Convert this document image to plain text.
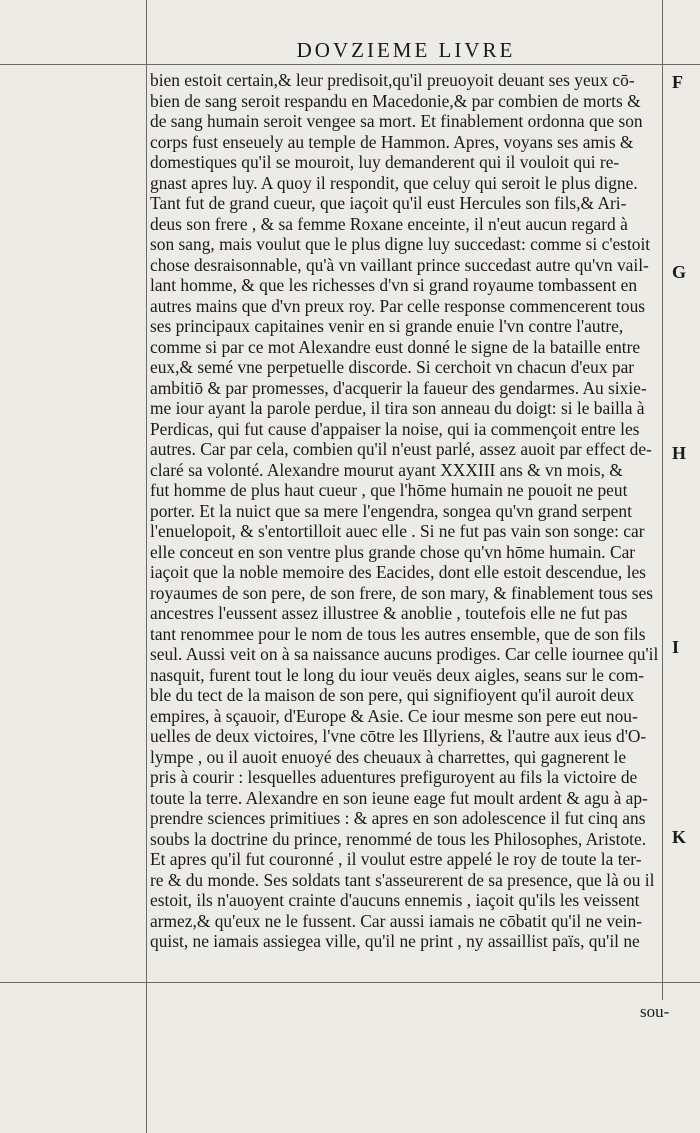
DOVZIEME LIVRE
bien estoit certain,& leur predisoit,qu'il preuoyoit deuant ses yeux cō-
bien de sang seroit respandu en Macedonie,& par combien de morts &
de sang humain seroit vengee sa mort. Et finablement ordonna que son
corps fust enseuely au temple de Hammon. Apres, voyans ses amis &
domestiques qu'il se mouroit, luy demanderent qui il vouloit qui re-
gnast apres luy. A quoy il respondit, que celuy qui seroit le plus digne.
Tant fut de grand cueur, que iaçoit qu'il eust Hercules son fils,& Ari-
deus son frere , & sa femme Roxane enceinte, il n'eut aucun regard à
son sang, mais voulut que le plus digne luy succedast: comme si c'estoit
chose desraisonnable, qu'à vn vaillant prince succedast autre qu'vn vail-
lant homme, & que les richesses d'vn si grand royaume tombassent en
autres mains que d'vn preux roy. Par celle response commencerent tous
ses principaux capitaines venir en si grande enuie l'vn contre l'autre,
comme si par ce mot Alexandre eust donné le signe de la bataille entre
eux,& semé vne perpetuelle discorde. Si cerchoit vn chacun d'eux par
ambitiō & par promesses, d'acquerir la faueur des gendarmes. Au sixie-
me iour ayant la parole perdue, il tira son anneau du doigt: si le bailla à
Perdicas, qui fut cause d'appaiser la noise, qui ia commençoit entre les
autres. Car par cela, combien qu'il n'eust parlé, assez auoit par effect de-
claré sa volonté. Alexandre mourut ayant XXXIII ans & vn mois, &
fut homme de plus haut cueur , que l'hōme humain ne pouoit ne peut
porter. Et la nuict que sa mere l'engendra, songea qu'vn grand serpent
l'enuelopoit, & s'entortilloit auec elle . Si ne fut pas vain son songe: car
elle conceut en son ventre plus grande chose qu'vn hōme humain. Car
iaçoit que la noble memoire des Eacides, dont elle estoit descendue, les
royaumes de son pere, de son frere, de son mary, & finablement tous ses
ancestres l'eussent assez illustree & anoblie , toutefois elle ne fut pas
tant renommee pour le nom de tous les autres ensemble, que de son fils
seul. Aussi veit on à sa naissance aucuns prodiges. Car celle iournee qu'il
nasquit, furent tout le long du iour veuës deux aigles, seans sur le com-
ble du tect de la maison de son pere, qui signifioyent qu'il auroit deux
empires, à sçauoir, d'Europe & Asie. Ce iour mesme son pere eut nou-
uelles de deux victoires, l'vne cōtre les Illyriens, & l'autre aux ieus d'O-
lympe , ou il auoit enuoyé des cheuaux à charrettes, qui gagnerent le
pris à courir : lesquelles aduentures prefiguroyent au fils la victoire de
toute la terre. Alexandre en son ieune eage fut moult ardent & agu à ap-
prendre sciences primitiues : & apres en son adolescence il fut cinq ans
soubs la doctrine du prince, renommé de tous les Philosophes, Aristote.
Et apres qu'il fut couronné , il voulut estre appelé le roy de toute la ter-
re & du monde. Ses soldats tant s'asseurerent de sa presence, que là ou il
estoit, ils n'auoyent crainte d'aucuns ennemis , iaçoit qu'ils les veissent
armez,& qu'eux ne le fussent. Car aussi iamais ne cōbatit qu'il ne vein-
quist, ne iamais assiegea ville, qu'il ne print , ny assaillist païs, qu'il ne
F
G
H
I
K
sou-
